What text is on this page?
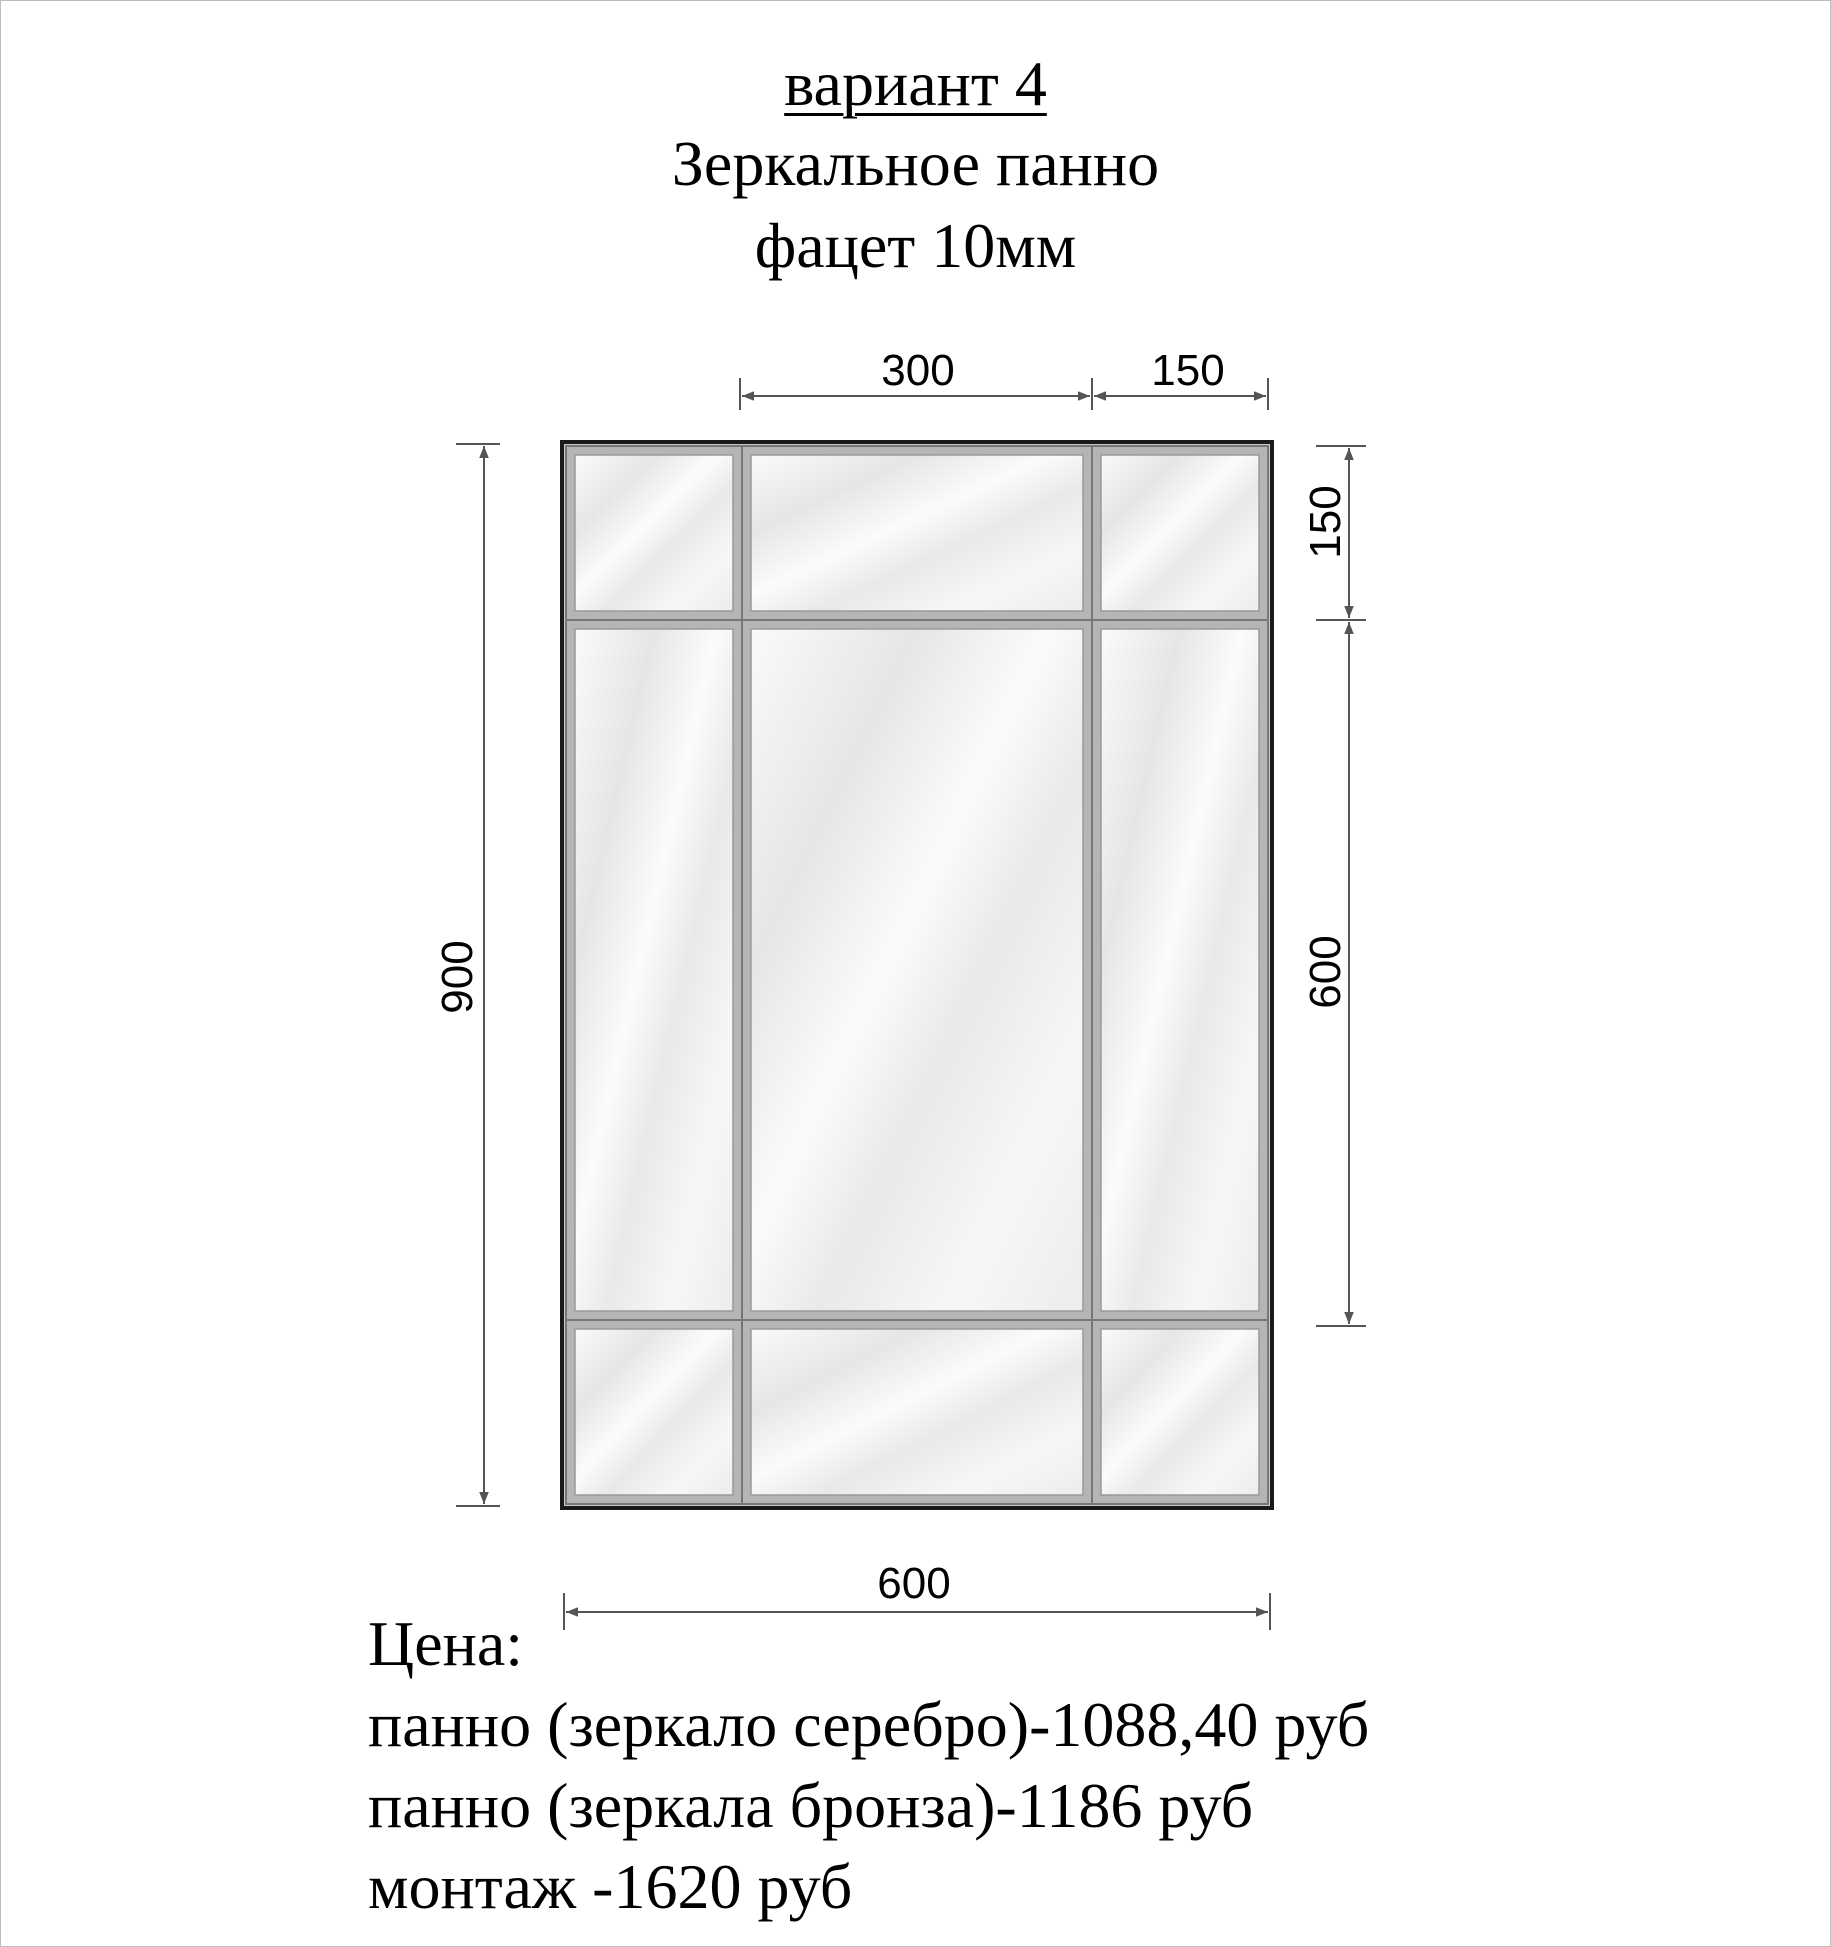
вариант 4
Зеркальное панно
фацет 10мм
300	150
150
600
900
600
Цена:
панно (зеркало серебро)-1088,40 руб
панно (зеркала бронза)-1186 руб
монтаж -1620 руб
